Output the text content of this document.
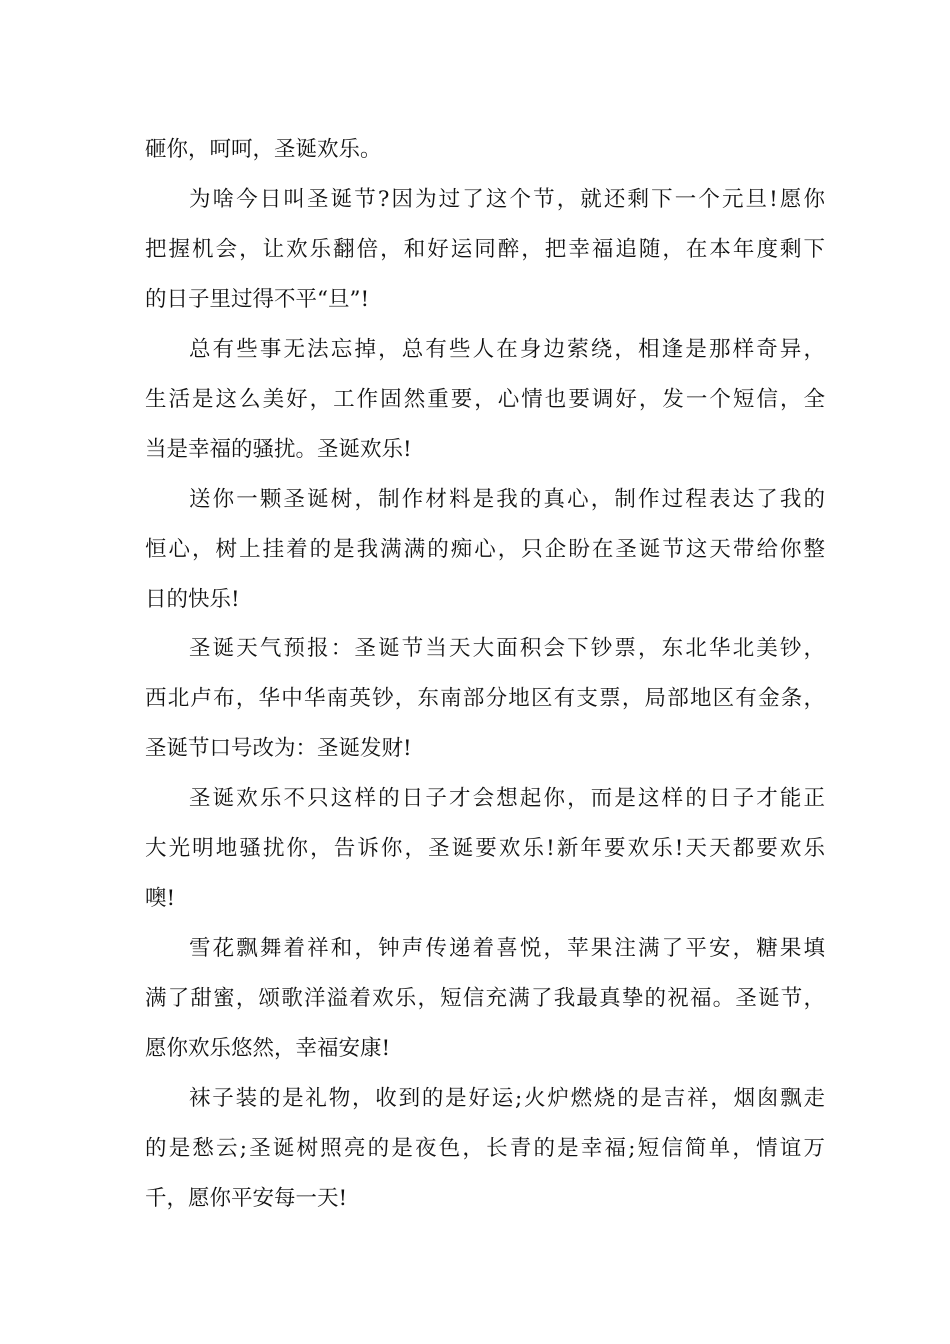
砸你，呵呵，圣诞欢乐。
为啥今日叫圣诞节?因为过了这个节，就还剩下一个元旦!愿你
把握机会，让欢乐翻倍，和好运同醉，把幸福追随，在本年度剩下
的日子里过得不平“旦”!
总有些事无法忘掉，总有些人在身边萦绕，相逢是那样奇异，
生活是这么美好，工作固然重要，心情也要调好，发一个短信，全
当是幸福的骚扰。圣诞欢乐!
送你一颗圣诞树，制作材料是我的真心，制作过程表达了我的
恒心，树上挂着的是我满满的痴心，只企盼在圣诞节这天带给你整
日的快乐!
圣诞天气预报：圣诞节当天大面积会下钞票，东北华北美钞，
西北卢布，华中华南英钞，东南部分地区有支票，局部地区有金条，
圣诞节口号改为：圣诞发财!
圣诞欢乐不只这样的日子才会想起你，而是这样的日子才能正
大光明地骚扰你，告诉你，圣诞要欢乐!新年要欢乐!天天都要欢乐
噢!
雪花飘舞着祥和，钟声传递着喜悦，苹果注满了平安，糖果填
满了甜蜜，颂歌洋溢着欢乐，短信充满了我最真挚的祝福。圣诞节，
愿你欢乐悠然，幸福安康!
袜子装的是礼物，收到的是好运;火炉燃烧的是吉祥，烟囱飘走
的是愁云;圣诞树照亮的是夜色，长青的是幸福;短信简单，情谊万
千，愿你平安每一天!
